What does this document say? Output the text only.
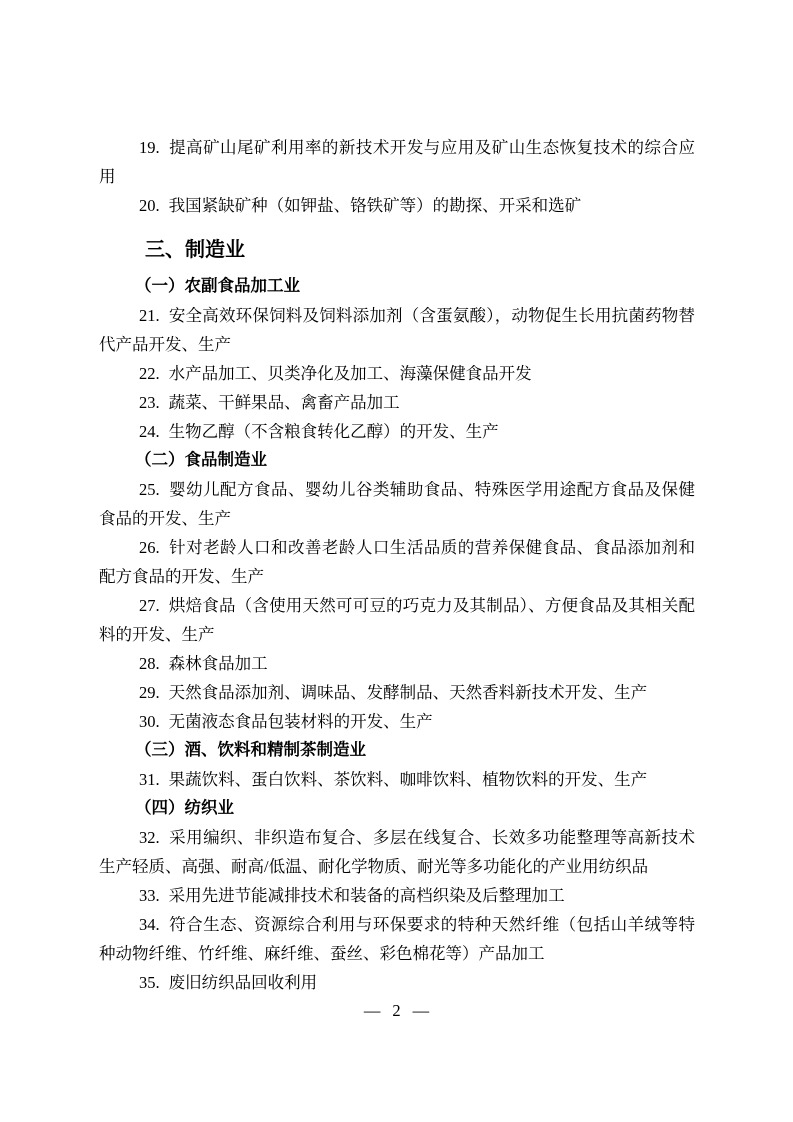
19. 提高矿山尾矿利用率的新技术开发与应用及矿山生态恢复技术的综合应用

20. 我国紧缺矿种（如钾盐、铬铁矿等）的勘探、开采和选矿

三、制造业

（一）农副食品加工业

21. 安全高效环保饲料及饲料添加剂（含蛋氨酸），动物促生长用抗菌药物替代产品开发、生产

22. 水产品加工、贝类净化及加工、海藻保健食品开发

23. 蔬菜、干鲜果品、禽畜产品加工

24. 生物乙醇（不含粮食转化乙醇）的开发、生产

（二）食品制造业

25. 婴幼儿配方食品、婴幼儿谷类辅助食品、特殊医学用途配方食品及保健食品的开发、生产

26. 针对老龄人口和改善老龄人口生活品质的营养保健食品、食品添加剂和配方食品的开发、生产

27. 烘焙食品（含使用天然可可豆的巧克力及其制品）、方便食品及其相关配料的开发、生产

28. 森林食品加工

29. 天然食品添加剂、调味品、发酵制品、天然香料新技术开发、生产

30. 无菌液态食品包装材料的开发、生产

（三）酒、饮料和精制茶制造业

31. 果蔬饮料、蛋白饮料、茶饮料、咖啡饮料、植物饮料的开发、生产

（四）纺织业

32. 采用编织、非织造布复合、多层在线复合、长效多功能整理等高新技术生产轻质、高强、耐高/低温、耐化学物质、耐光等多功能化的产业用纺织品

33. 采用先进节能减排技术和装备的高档织染及后整理加工

34. 符合生态、资源综合利用与环保要求的特种天然纤维（包括山羊绒等特种动物纤维、竹纤维、麻纤维、蚕丝、彩色棉花等）产品加工

35. 废旧纺织品回收利用

— 2 —
